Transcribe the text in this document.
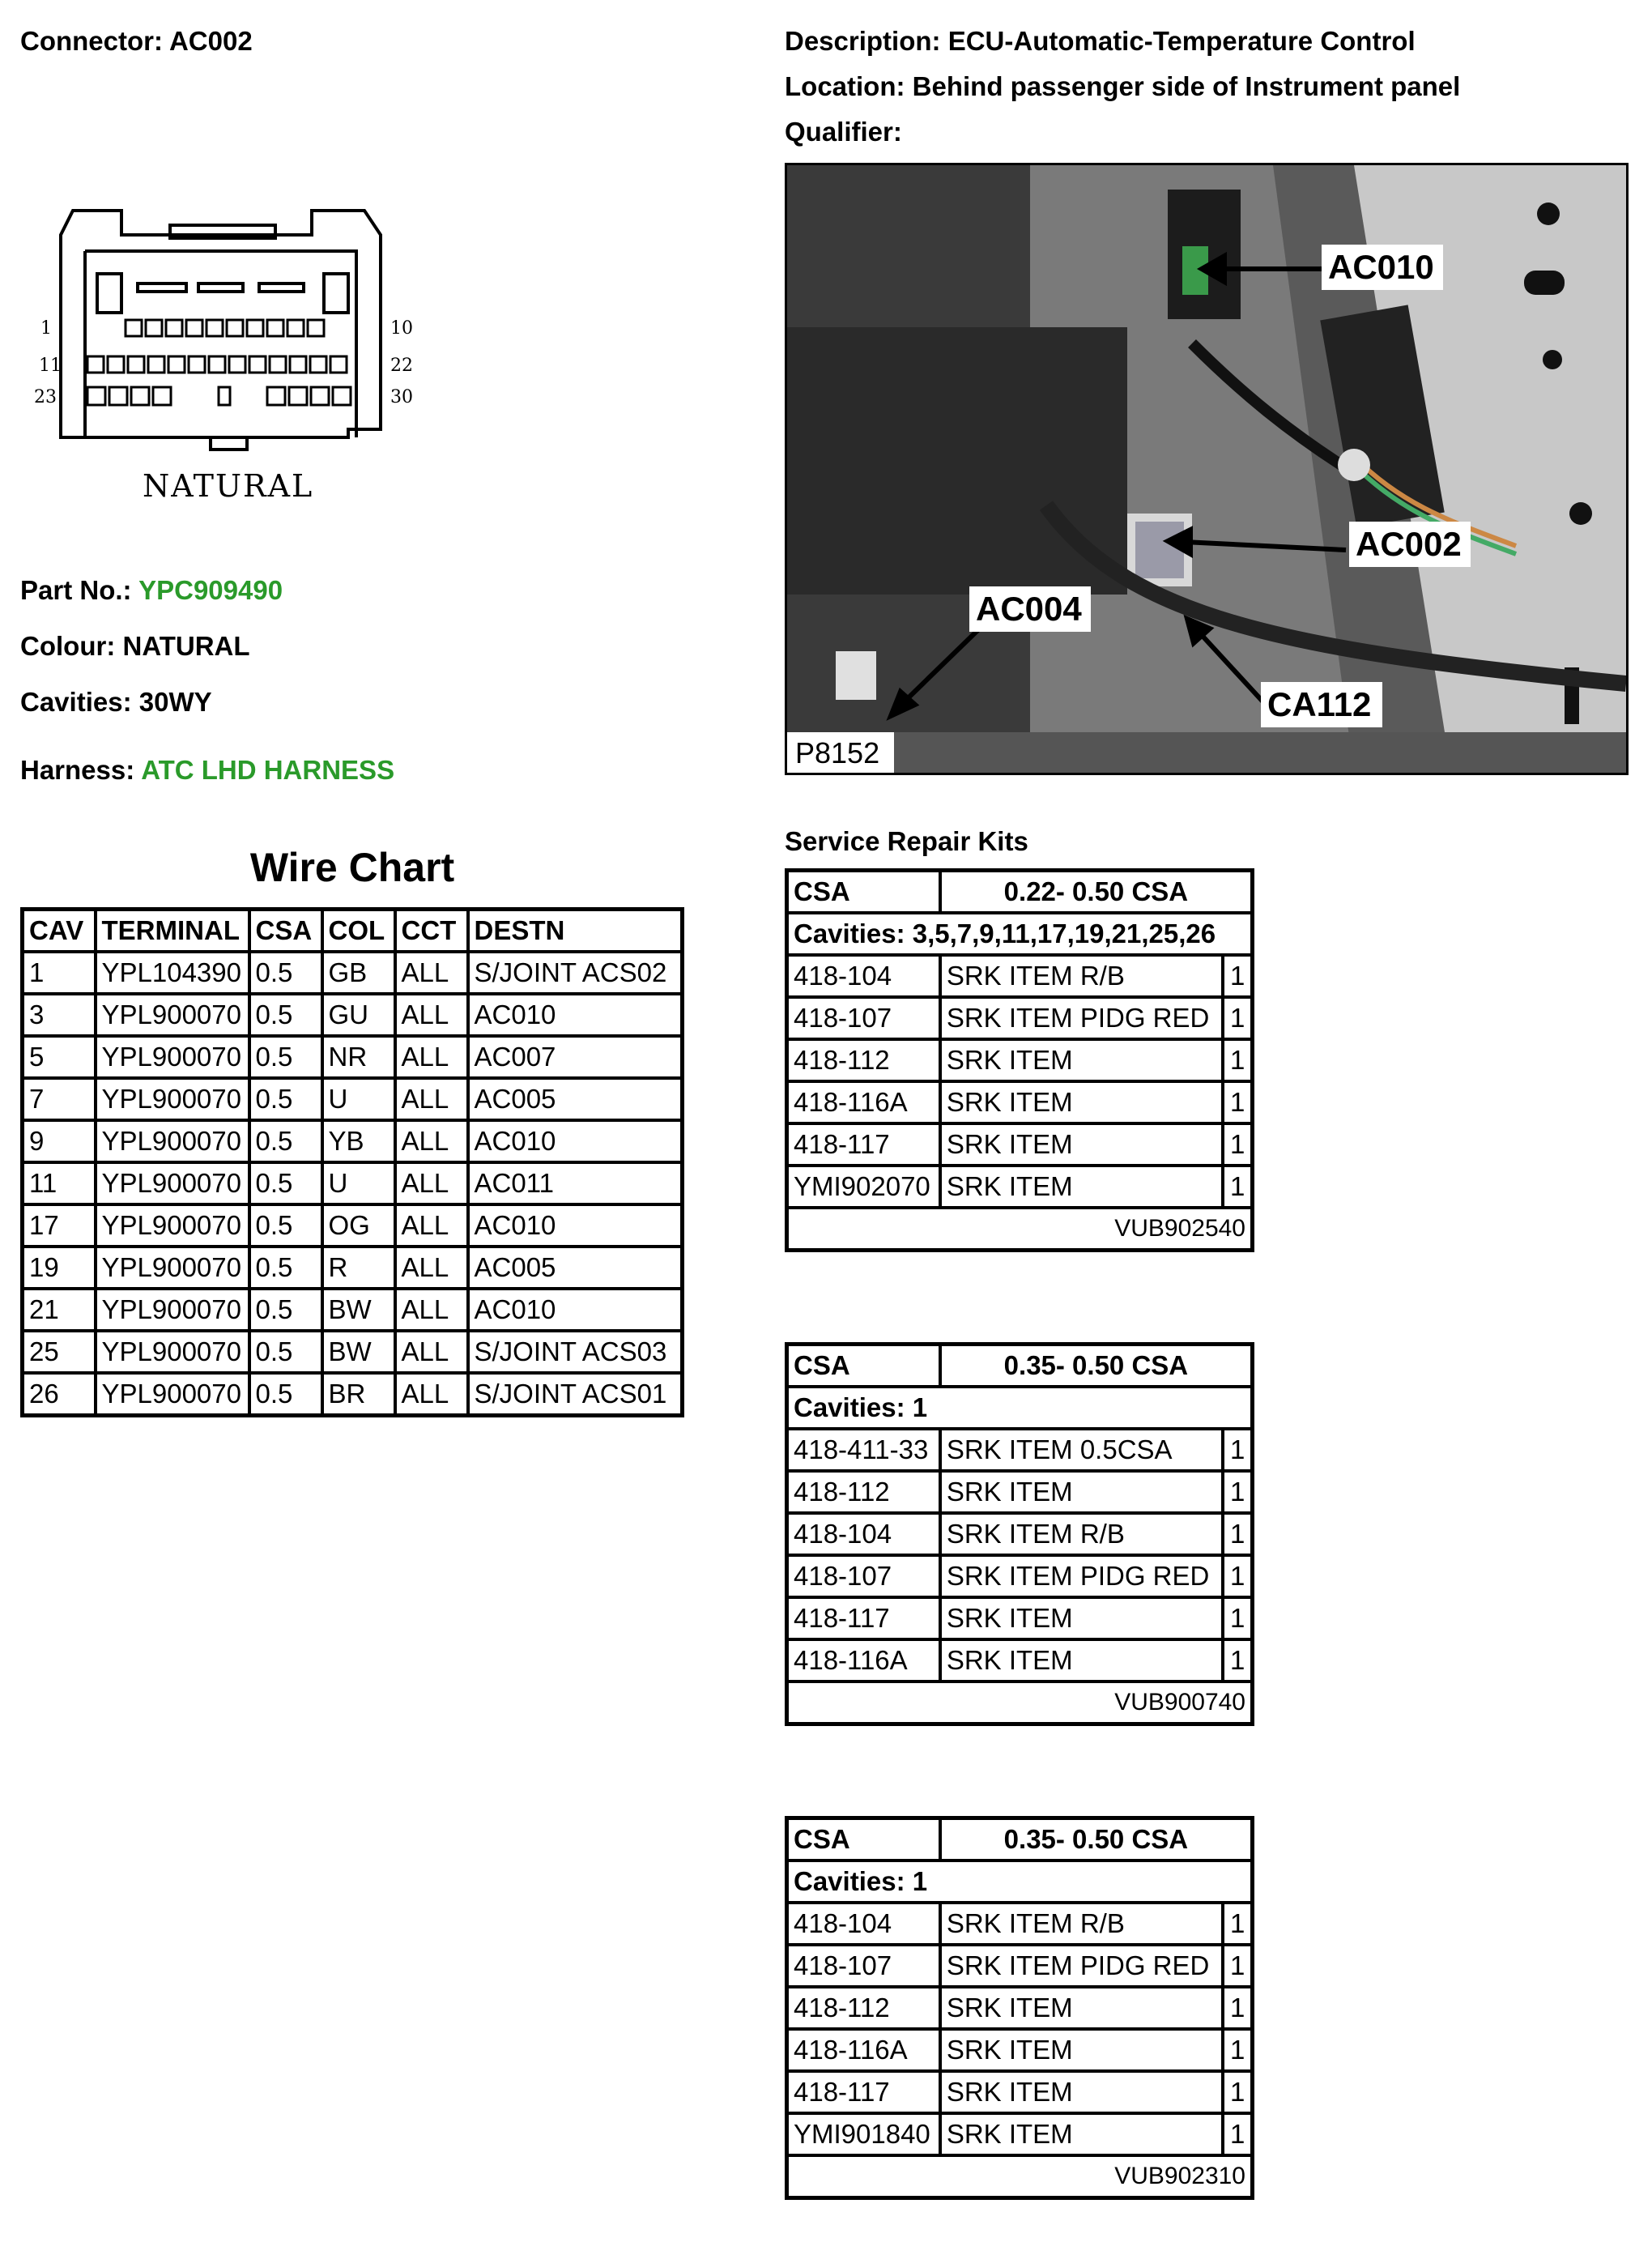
Connector: AC002	Description: ECU-Automatic-Temperature Control
Location: Behind passenger side of Instrument panel
Qualifier:
1	10
11	22
23	30
NATURAL
AC010
AC002
AC004
CA112
P8152
Part No.: YPC909490
Colour: NATURAL
Cavities: 30WY
Harness: ATC LHD HARNESS
Wire Chart
CAV	TERMINAL	CSA	COL	CCT	DESTN
1	YPL104390	0.5	GB	ALL	S/JOINT ACS02
3	YPL900070	0.5	GU	ALL	AC010
5	YPL900070	0.5	NR	ALL	AC007
7	YPL900070	0.5	U	ALL	AC005
9	YPL900070	0.5	YB	ALL	AC010
11	YPL900070	0.5	U	ALL	AC011
17	YPL900070	0.5	OG	ALL	AC010
19	YPL900070	0.5	R	ALL	AC005
21	YPL900070	0.5	BW	ALL	AC010
25	YPL900070	0.5	BW	ALL	S/JOINT ACS03
26	YPL900070	0.5	BR	ALL	S/JOINT ACS01
Service Repair Kits
CSA	0.22- 0.50 CSA	
Cavities: 3,5,7,9,11,17,19,21,25,26		
418-104	SRK ITEM R/B	1
418-107	SRK ITEM PIDG RED	1
418-112	SRK ITEM	1
418-116A	SRK ITEM	1
418-117	SRK ITEM	1
YMI902070	SRK ITEM	1
VUB902540		
CSA	0.35- 0.50 CSA	
Cavities: 1		
418-411-33	SRK ITEM 0.5CSA	1
418-112	SRK ITEM	1
418-104	SRK ITEM R/B	1
418-107	SRK ITEM PIDG RED	1
418-117	SRK ITEM	1
418-116A	SRK ITEM	1
VUB900740		
CSA	0.35- 0.50 CSA	
Cavities: 1		
418-104	SRK ITEM R/B	1
418-107	SRK ITEM PIDG RED	1
418-112	SRK ITEM	1
418-116A	SRK ITEM	1
418-117	SRK ITEM	1
YMI901840	SRK ITEM	1
VUB902310		
